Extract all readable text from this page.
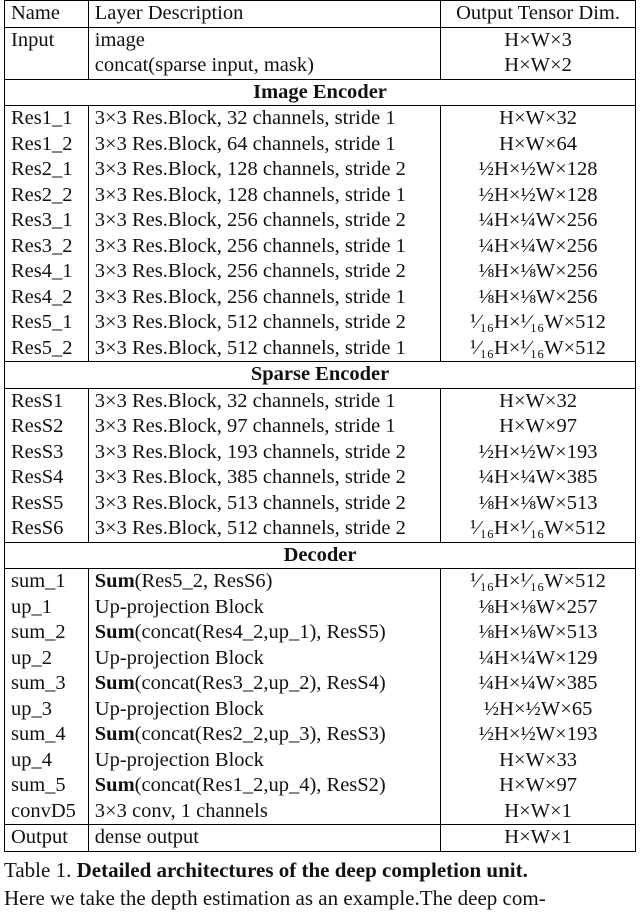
Name	Layer Description	Output Tensor Dim.
Input	image	H×W×3
	concat(sparse input, mask)	H×W×2
Image Encoder		
Res1_1	3×3 Res.Block, 32 channels, stride 1	H×W×32
Res1_2	3×3 Res.Block, 64 channels, stride 1	H×W×64
Res2_1	3×3 Res.Block, 128 channels, stride 2	½H×½W×128
Res2_2	3×3 Res.Block, 128 channels, stride 1	½H×½W×128
Res3_1	3×3 Res.Block, 256 channels, stride 2	¼H×¼W×256
Res3_2	3×3 Res.Block, 256 channels, stride 1	¼H×¼W×256
Res4_1	3×3 Res.Block, 256 channels, stride 2	⅛H×⅛W×256
Res4_2	3×3 Res.Block, 256 channels, stride 1	⅛H×⅛W×256
Res5_1	3×3 Res.Block, 512 channels, stride 2	¹⁄₁₆H×¹⁄₁₆W×512
Res5_2	3×3 Res.Block, 512 channels, stride 1	¹⁄₁₆H×¹⁄₁₆W×512
Sparse Encoder		
ResS1	3×3 Res.Block, 32 channels, stride 1	H×W×32
ResS2	3×3 Res.Block, 97 channels, stride 1	H×W×97
ResS3	3×3 Res.Block, 193 channels, stride 2	½H×½W×193
ResS4	3×3 Res.Block, 385 channels, stride 2	¼H×¼W×385
ResS5	3×3 Res.Block, 513 channels, stride 2	⅛H×⅛W×513
ResS6	3×3 Res.Block, 512 channels, stride 2	¹⁄₁₆H×¹⁄₁₆W×512
Decoder		
sum_1	Sum(Res5_2, ResS6)	¹⁄₁₆H×¹⁄₁₆W×512
up_1	Up-projection Block	⅛H×⅛W×257
sum_2	Sum(concat(Res4_2,up_1), ResS5)	⅛H×⅛W×513
up_2	Up-projection Block	¼H×¼W×129
sum_3	Sum(concat(Res3_2,up_2), ResS4)	¼H×¼W×385
up_3	Up-projection Block	½H×½W×65
sum_4	Sum(concat(Res2_2,up_3), ResS3)	½H×½W×193
up_4	Up-projection Block	H×W×33
sum_5	Sum(concat(Res1_2,up_4), ResS2)	H×W×97
convD5	3×3 conv, 1 channels	H×W×1
Output	dense output	H×W×1
Table 1. Detailed architectures of the deep completion unit.
Here we take the depth estimation as an example.The deep com-
